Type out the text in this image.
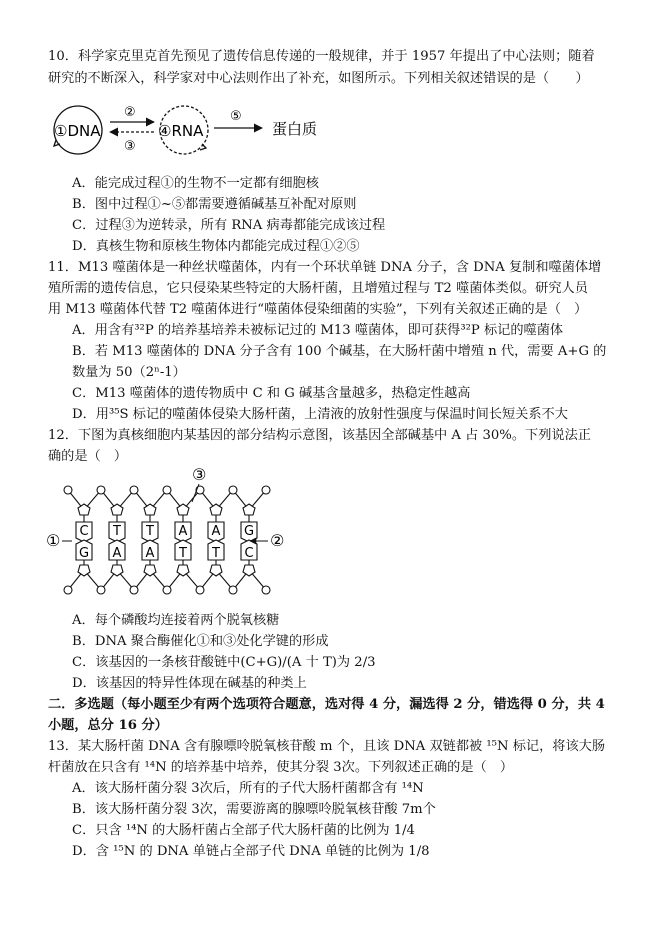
10．科学家克里克首先预见了遗传信息传递的一般规律，并于 1957 年提出了中心法则；随着
研究的不断深入，科学家对中心法则作出了补充，如图所示。下列相关叙述错误的是（　　）
①DNA
②
③
④RNA
⑤
蛋白质
A．能完成过程①的生物不一定都有细胞核
B．图中过程①~⑤都需要遵循碱基互补配对原则
C．过程③为逆转录，所有 RNA 病毒都能完成该过程
D．真核生物和原核生物体内都能完成过程①②⑤
11．M13 噬菌体是一种丝状噬菌体，内有一个环状单链 DNA 分子，含 DNA 复制和噬菌体增
殖所需的遗传信息，它只侵染某些特定的大肠杆菌，且增殖过程与 T2 噬菌体类似。研究人员
用 M13 噬菌体代替 T2 噬菌体进行“噬菌体侵染细菌的实验”，下列有关叙述正确的是（　）
A．用含有³²P 的培养基培养未被标记过的 M13 噬菌体，即可获得³²P 标记的噬菌体
B．若 M13 噬菌体的 DNA 分子含有 100 个碱基，在大肠杆菌中增殖 n 代，需要 A+G 的
数量为 50（2ⁿ-1）
C．M13 噬菌体的遗传物质中 C 和 G 碱基含量越多，热稳定性越高
D．用³⁵S 标记的噬菌体侵染大肠杆菌，上清液的放射性强度与保温时间长短关系不大
12．下图为真核细胞内某基因的部分结构示意图，该基因全部碱基中 A 占 30%。下列说法正
确的是（　）
C
G
T
A
T
A
A
T
A
T
G
C
①	②
③
A．每个磷酸均连接着两个脱氧核糖
B．DNA 聚合酶催化①和③处化学键的形成
C．该基因的一条核苷酸链中(C+G)/(A 十 T)为 2/3
D．该基因的特异性体现在碱基的种类上
二．多选题（每小题至少有两个选项符合题意，选对得 4 分，漏选得 2 分，错选得 0 分，共 4
小题，总分 16 分）
13．某大肠杆菌 DNA 含有腺嘌呤脱氧核苷酸 m 个，且该 DNA 双链都被 ¹⁵N 标记，将该大肠
杆菌放在只含有 ¹⁴N 的培养基中培养，使其分裂 3次。下列叙述正确的是（　）
A．该大肠杆菌分裂 3次后，所有的子代大肠杆菌都含有 ¹⁴N
B．该大肠杆菌分裂 3次，需要游离的腺嘌呤脱氧核苷酸 7m个
C．只含 ¹⁴N 的大肠杆菌占全部子代大肠杆菌的比例为 1/4
D．含 ¹⁵N 的 DNA 单链占全部子代 DNA 单链的比例为 1/8
